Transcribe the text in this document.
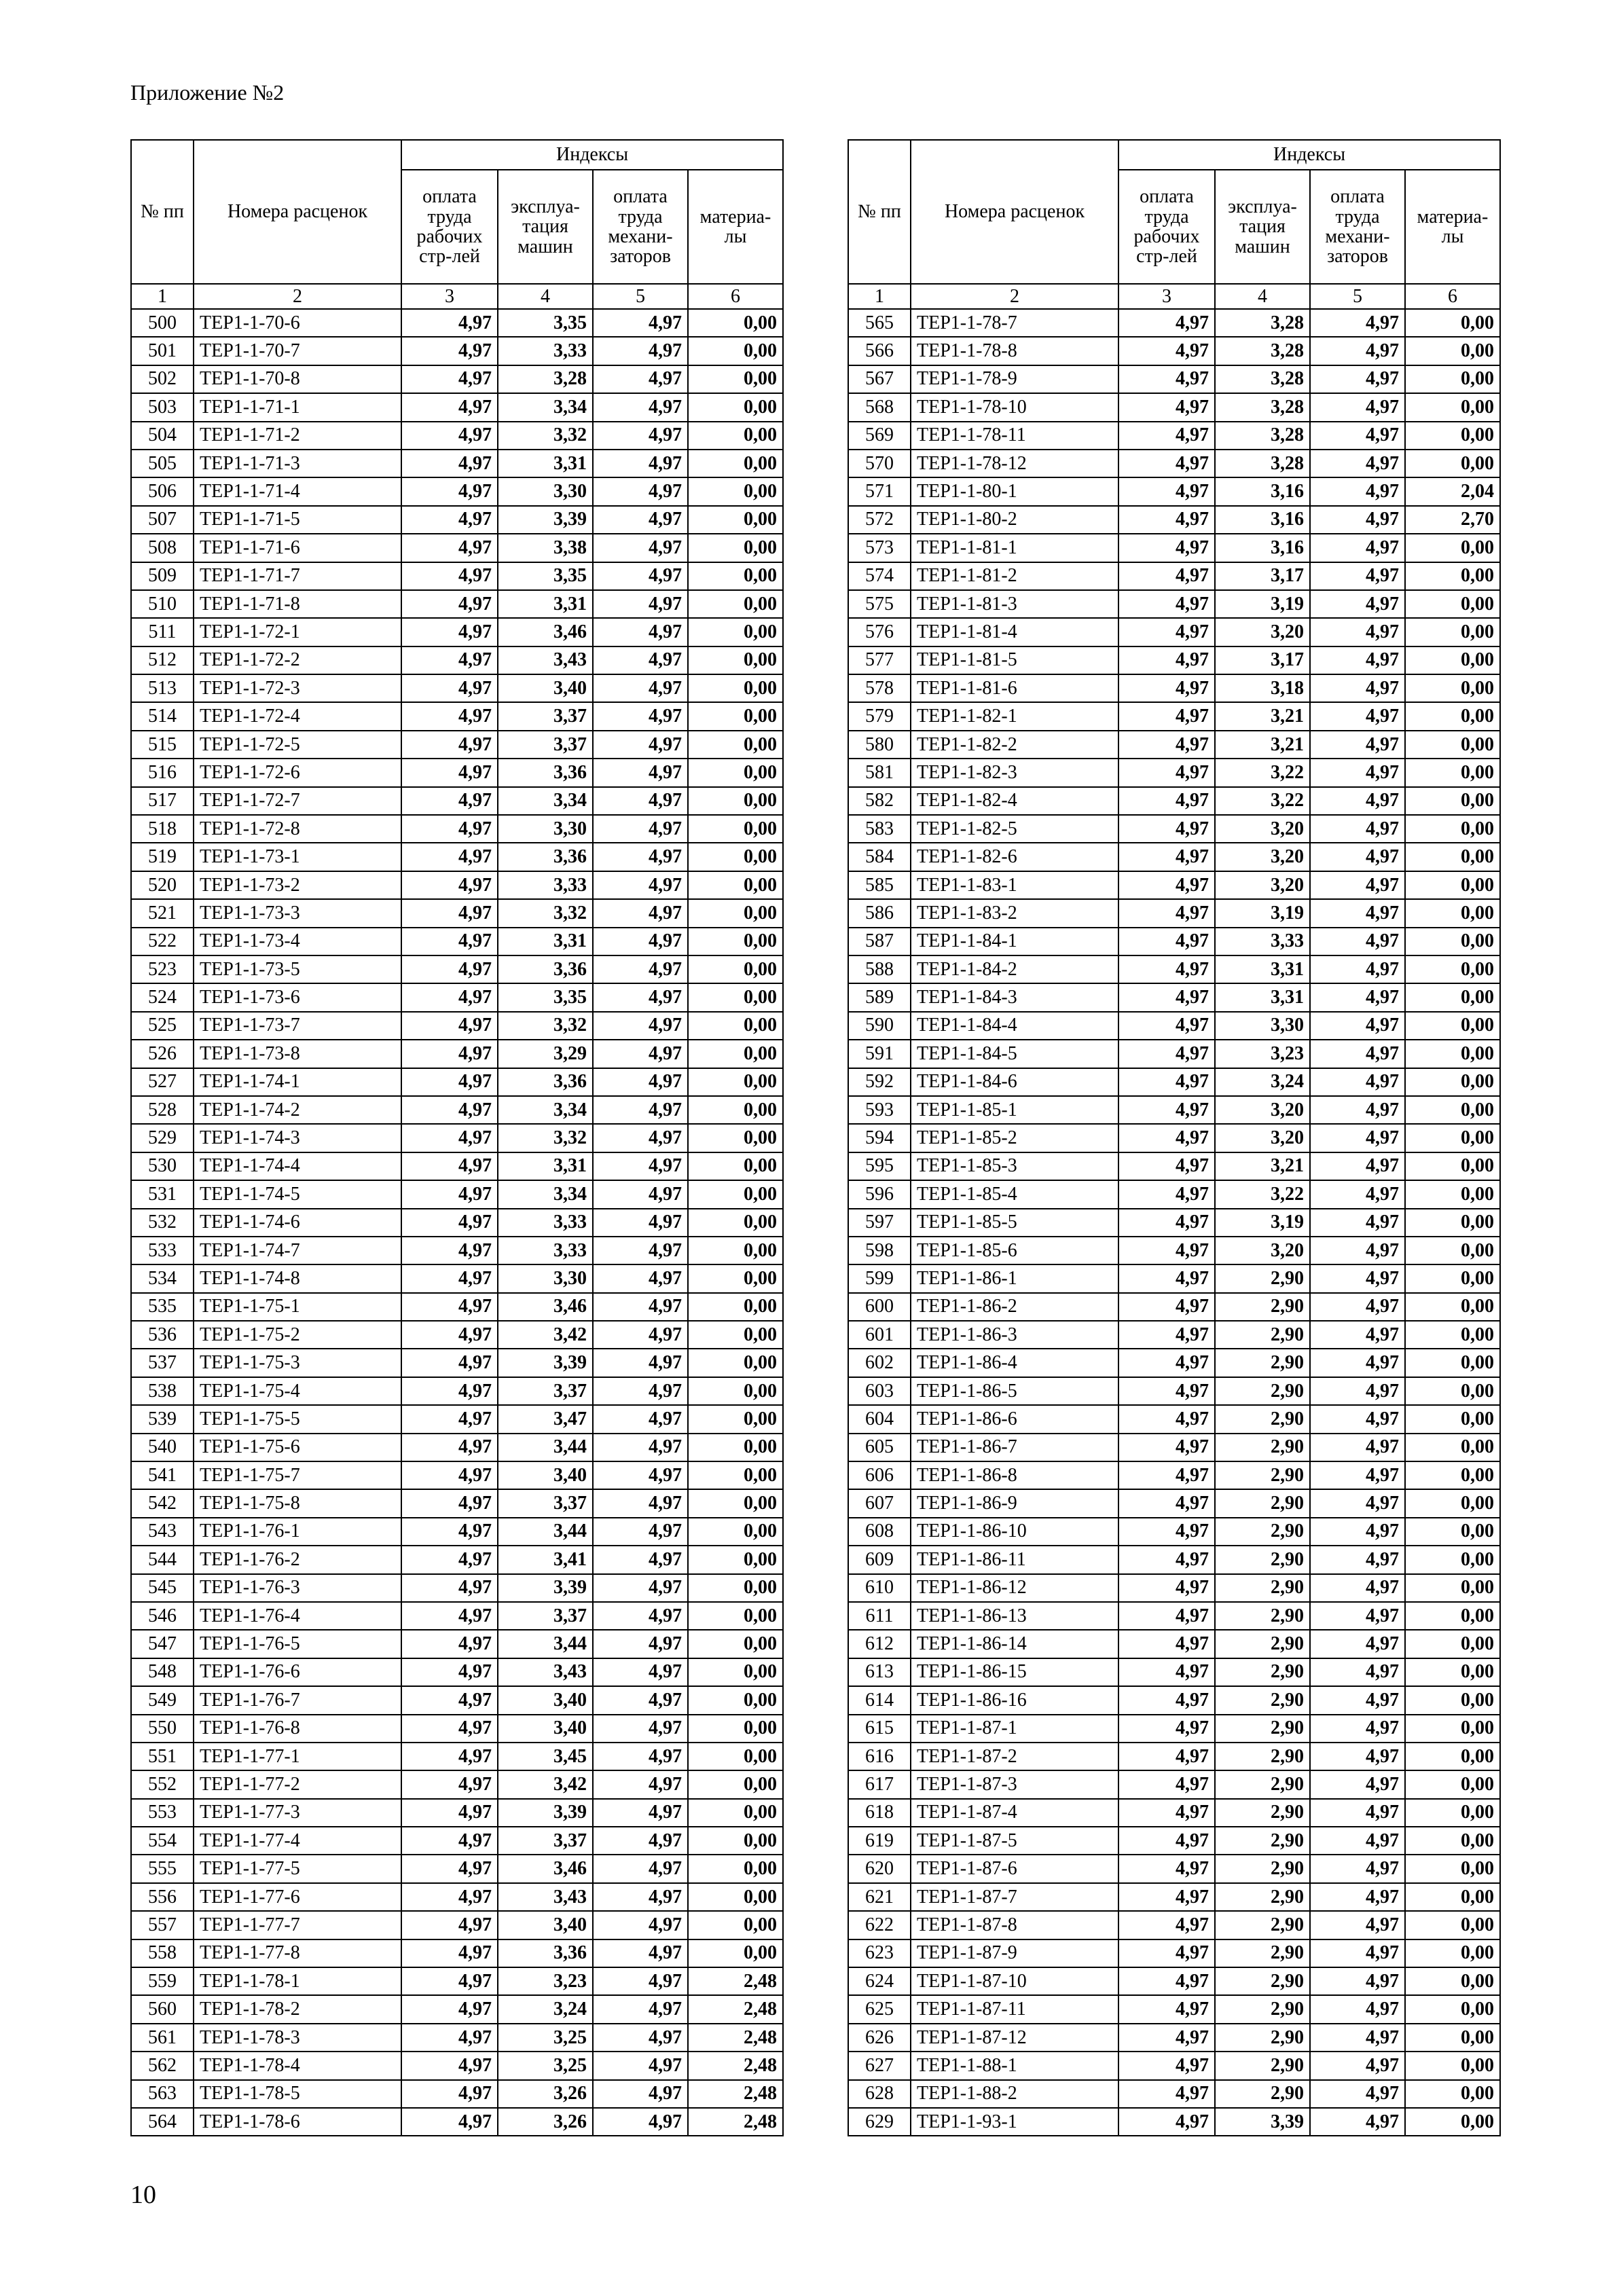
Приложение №2
№ пп	Номера расценок	Индексы			
		оплата труда рабочих стр-лей	эксплуа-тация машин	оплата труда механи-заторов	материа-лы
1	2	3	4	5	6
500	ТЕР1-1-70-6	4,97	3,35	4,97	0,00
501	ТЕР1-1-70-7	4,97	3,33	4,97	0,00
502	ТЕР1-1-70-8	4,97	3,28	4,97	0,00
503	ТЕР1-1-71-1	4,97	3,34	4,97	0,00
504	ТЕР1-1-71-2	4,97	3,32	4,97	0,00
505	ТЕР1-1-71-3	4,97	3,31	4,97	0,00
506	ТЕР1-1-71-4	4,97	3,30	4,97	0,00
507	ТЕР1-1-71-5	4,97	3,39	4,97	0,00
508	ТЕР1-1-71-6	4,97	3,38	4,97	0,00
509	ТЕР1-1-71-7	4,97	3,35	4,97	0,00
510	ТЕР1-1-71-8	4,97	3,31	4,97	0,00
511	ТЕР1-1-72-1	4,97	3,46	4,97	0,00
512	ТЕР1-1-72-2	4,97	3,43	4,97	0,00
513	ТЕР1-1-72-3	4,97	3,40	4,97	0,00
514	ТЕР1-1-72-4	4,97	3,37	4,97	0,00
515	ТЕР1-1-72-5	4,97	3,37	4,97	0,00
516	ТЕР1-1-72-6	4,97	3,36	4,97	0,00
517	ТЕР1-1-72-7	4,97	3,34	4,97	0,00
518	ТЕР1-1-72-8	4,97	3,30	4,97	0,00
519	ТЕР1-1-73-1	4,97	3,36	4,97	0,00
520	ТЕР1-1-73-2	4,97	3,33	4,97	0,00
521	ТЕР1-1-73-3	4,97	3,32	4,97	0,00
522	ТЕР1-1-73-4	4,97	3,31	4,97	0,00
523	ТЕР1-1-73-5	4,97	3,36	4,97	0,00
524	ТЕР1-1-73-6	4,97	3,35	4,97	0,00
525	ТЕР1-1-73-7	4,97	3,32	4,97	0,00
526	ТЕР1-1-73-8	4,97	3,29	4,97	0,00
527	ТЕР1-1-74-1	4,97	3,36	4,97	0,00
528	ТЕР1-1-74-2	4,97	3,34	4,97	0,00
529	ТЕР1-1-74-3	4,97	3,32	4,97	0,00
530	ТЕР1-1-74-4	4,97	3,31	4,97	0,00
531	ТЕР1-1-74-5	4,97	3,34	4,97	0,00
532	ТЕР1-1-74-6	4,97	3,33	4,97	0,00
533	ТЕР1-1-74-7	4,97	3,33	4,97	0,00
534	ТЕР1-1-74-8	4,97	3,30	4,97	0,00
535	ТЕР1-1-75-1	4,97	3,46	4,97	0,00
536	ТЕР1-1-75-2	4,97	3,42	4,97	0,00
537	ТЕР1-1-75-3	4,97	3,39	4,97	0,00
538	ТЕР1-1-75-4	4,97	3,37	4,97	0,00
539	ТЕР1-1-75-5	4,97	3,47	4,97	0,00
540	ТЕР1-1-75-6	4,97	3,44	4,97	0,00
541	ТЕР1-1-75-7	4,97	3,40	4,97	0,00
542	ТЕР1-1-75-8	4,97	3,37	4,97	0,00
543	ТЕР1-1-76-1	4,97	3,44	4,97	0,00
544	ТЕР1-1-76-2	4,97	3,41	4,97	0,00
545	ТЕР1-1-76-3	4,97	3,39	4,97	0,00
546	ТЕР1-1-76-4	4,97	3,37	4,97	0,00
547	ТЕР1-1-76-5	4,97	3,44	4,97	0,00
548	ТЕР1-1-76-6	4,97	3,43	4,97	0,00
549	ТЕР1-1-76-7	4,97	3,40	4,97	0,00
550	ТЕР1-1-76-8	4,97	3,40	4,97	0,00
551	ТЕР1-1-77-1	4,97	3,45	4,97	0,00
552	ТЕР1-1-77-2	4,97	3,42	4,97	0,00
553	ТЕР1-1-77-3	4,97	3,39	4,97	0,00
554	ТЕР1-1-77-4	4,97	3,37	4,97	0,00
555	ТЕР1-1-77-5	4,97	3,46	4,97	0,00
556	ТЕР1-1-77-6	4,97	3,43	4,97	0,00
557	ТЕР1-1-77-7	4,97	3,40	4,97	0,00
558	ТЕР1-1-77-8	4,97	3,36	4,97	0,00
559	ТЕР1-1-78-1	4,97	3,23	4,97	2,48
560	ТЕР1-1-78-2	4,97	3,24	4,97	2,48
561	ТЕР1-1-78-3	4,97	3,25	4,97	2,48
562	ТЕР1-1-78-4	4,97	3,25	4,97	2,48
563	ТЕР1-1-78-5	4,97	3,26	4,97	2,48
564	ТЕР1-1-78-6	4,97	3,26	4,97	2,48
№ пп	Номера расценок	Индексы			
		оплата труда рабочих стр-лей	эксплуа-тация машин	оплата труда механи-заторов	материа-лы
1	2	3	4	5	6
565	ТЕР1-1-78-7	4,97	3,28	4,97	0,00
566	ТЕР1-1-78-8	4,97	3,28	4,97	0,00
567	ТЕР1-1-78-9	4,97	3,28	4,97	0,00
568	ТЕР1-1-78-10	4,97	3,28	4,97	0,00
569	ТЕР1-1-78-11	4,97	3,28	4,97	0,00
570	ТЕР1-1-78-12	4,97	3,28	4,97	0,00
571	ТЕР1-1-80-1	4,97	3,16	4,97	2,04
572	ТЕР1-1-80-2	4,97	3,16	4,97	2,70
573	ТЕР1-1-81-1	4,97	3,16	4,97	0,00
574	ТЕР1-1-81-2	4,97	3,17	4,97	0,00
575	ТЕР1-1-81-3	4,97	3,19	4,97	0,00
576	ТЕР1-1-81-4	4,97	3,20	4,97	0,00
577	ТЕР1-1-81-5	4,97	3,17	4,97	0,00
578	ТЕР1-1-81-6	4,97	3,18	4,97	0,00
579	ТЕР1-1-82-1	4,97	3,21	4,97	0,00
580	ТЕР1-1-82-2	4,97	3,21	4,97	0,00
581	ТЕР1-1-82-3	4,97	3,22	4,97	0,00
582	ТЕР1-1-82-4	4,97	3,22	4,97	0,00
583	ТЕР1-1-82-5	4,97	3,20	4,97	0,00
584	ТЕР1-1-82-6	4,97	3,20	4,97	0,00
585	ТЕР1-1-83-1	4,97	3,20	4,97	0,00
586	ТЕР1-1-83-2	4,97	3,19	4,97	0,00
587	ТЕР1-1-84-1	4,97	3,33	4,97	0,00
588	ТЕР1-1-84-2	4,97	3,31	4,97	0,00
589	ТЕР1-1-84-3	4,97	3,31	4,97	0,00
590	ТЕР1-1-84-4	4,97	3,30	4,97	0,00
591	ТЕР1-1-84-5	4,97	3,23	4,97	0,00
592	ТЕР1-1-84-6	4,97	3,24	4,97	0,00
593	ТЕР1-1-85-1	4,97	3,20	4,97	0,00
594	ТЕР1-1-85-2	4,97	3,20	4,97	0,00
595	ТЕР1-1-85-3	4,97	3,21	4,97	0,00
596	ТЕР1-1-85-4	4,97	3,22	4,97	0,00
597	ТЕР1-1-85-5	4,97	3,19	4,97	0,00
598	ТЕР1-1-85-6	4,97	3,20	4,97	0,00
599	ТЕР1-1-86-1	4,97	2,90	4,97	0,00
600	ТЕР1-1-86-2	4,97	2,90	4,97	0,00
601	ТЕР1-1-86-3	4,97	2,90	4,97	0,00
602	ТЕР1-1-86-4	4,97	2,90	4,97	0,00
603	ТЕР1-1-86-5	4,97	2,90	4,97	0,00
604	ТЕР1-1-86-6	4,97	2,90	4,97	0,00
605	ТЕР1-1-86-7	4,97	2,90	4,97	0,00
606	ТЕР1-1-86-8	4,97	2,90	4,97	0,00
607	ТЕР1-1-86-9	4,97	2,90	4,97	0,00
608	ТЕР1-1-86-10	4,97	2,90	4,97	0,00
609	ТЕР1-1-86-11	4,97	2,90	4,97	0,00
610	ТЕР1-1-86-12	4,97	2,90	4,97	0,00
611	ТЕР1-1-86-13	4,97	2,90	4,97	0,00
612	ТЕР1-1-86-14	4,97	2,90	4,97	0,00
613	ТЕР1-1-86-15	4,97	2,90	4,97	0,00
614	ТЕР1-1-86-16	4,97	2,90	4,97	0,00
615	ТЕР1-1-87-1	4,97	2,90	4,97	0,00
616	ТЕР1-1-87-2	4,97	2,90	4,97	0,00
617	ТЕР1-1-87-3	4,97	2,90	4,97	0,00
618	ТЕР1-1-87-4	4,97	2,90	4,97	0,00
619	ТЕР1-1-87-5	4,97	2,90	4,97	0,00
620	ТЕР1-1-87-6	4,97	2,90	4,97	0,00
621	ТЕР1-1-87-7	4,97	2,90	4,97	0,00
622	ТЕР1-1-87-8	4,97	2,90	4,97	0,00
623	ТЕР1-1-87-9	4,97	2,90	4,97	0,00
624	ТЕР1-1-87-10	4,97	2,90	4,97	0,00
625	ТЕР1-1-87-11	4,97	2,90	4,97	0,00
626	ТЕР1-1-87-12	4,97	2,90	4,97	0,00
627	ТЕР1-1-88-1	4,97	2,90	4,97	0,00
628	ТЕР1-1-88-2	4,97	2,90	4,97	0,00
629	ТЕР1-1-93-1	4,97	3,39	4,97	0,00
10
